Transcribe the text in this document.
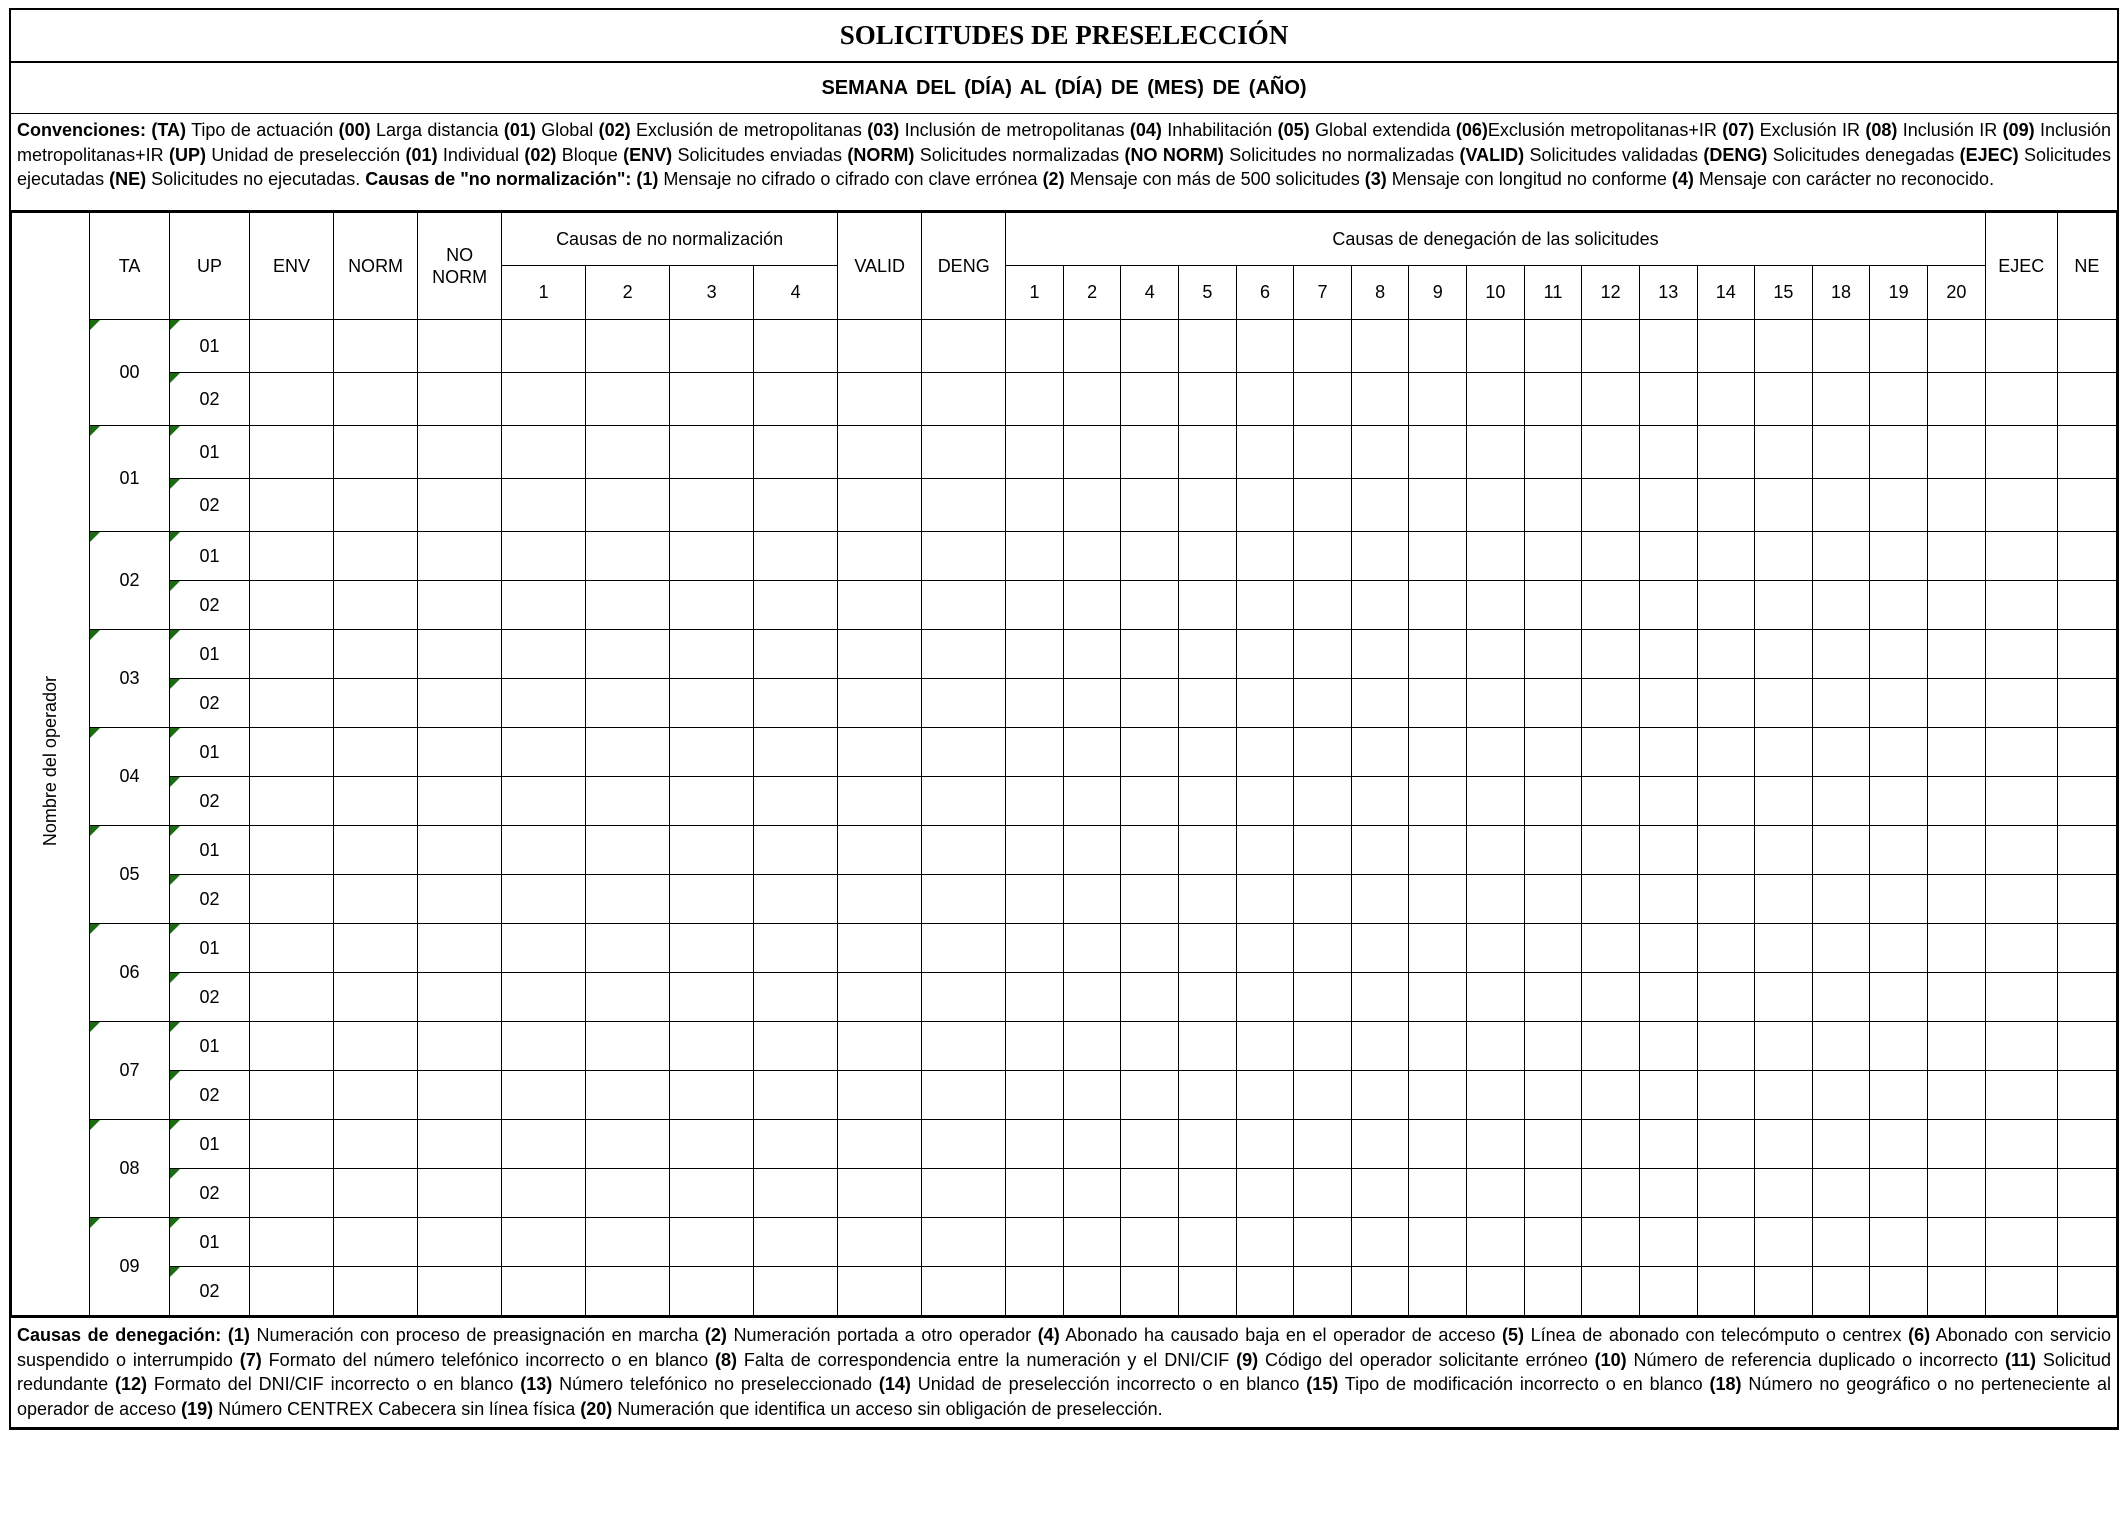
SOLICITUDES DE PRESELECCIÓN
SEMANA DEL (DÍA) AL (DÍA) DE (MES) DE (AÑO)
Convenciones: (TA) Tipo de actuación (00) Larga distancia (01) Global (02) Exclusión de metropolitanas (03) Inclusión de metropolitanas (04) Inhabilitación (05) Global extendida (06)Exclusión metropolitanas+IR (07) Exclusión IR (08) Inclusión IR (09) Inclusión metropolitanas+IR (UP) Unidad de preselección (01) Individual (02) Bloque (ENV) Solicitudes enviadas (NORM) Solicitudes normalizadas (NO NORM) Solicitudes no normalizadas (VALID) Solicitudes validadas (DENG) Solicitudes denegadas (EJEC) Solicitudes ejecutadas (NE) Solicitudes no ejecutadas. Causas de "no normalización": (1) Mensaje no cifrado o cifrado con clave errónea (2) Mensaje con más de 500 solicitudes (3) Mensaje con longitud no conforme (4) Mensaje con carácter no reconocido.
Nombre del operador	TA	UP	ENV	NORM	NO NORM	Causas de no normalización				VALID	DENG	Causas de denegación de las solicitudes																	EJEC	NE
						1	2	3	4			1	2	4	5	6	7	8	9	10	11	12	13	14	15	18	19	20		
	00	01																												
		02																												
	01	01																												
		02																												
	02	01																												
		02																												
	03	01																												
		02																												
	04	01																												
		02																												
	05	01																												
		02																												
	06	01																												
		02																												
	07	01																												
		02																												
	08	01																												
		02																												
	09	01																												
		02																												
Causas de denegación: (1) Numeración con proceso de preasignación en marcha (2) Numeración portada a otro operador (4) Abonado ha causado baja en el operador de acceso (5) Línea de abonado con telecómputo o centrex (6) Abonado con servicio suspendido o interrumpido (7) Formato del número telefónico incorrecto o en blanco (8) Falta de correspondencia entre la numeración y el DNI/CIF (9) Código del operador solicitante erróneo (10) Número de referencia duplicado o incorrecto (11) Solicitud redundante (12) Formato del DNI/CIF incorrecto o en blanco (13) Número telefónico no preseleccionado (14) Unidad de preselección incorrecto o en blanco (15) Tipo de modificación incorrecto o en blanco (18) Número no geográfico o no perteneciente al operador de acceso (19) Número CENTREX Cabecera sin línea física (20) Numeración que identifica un acceso sin obligación de preselección.
